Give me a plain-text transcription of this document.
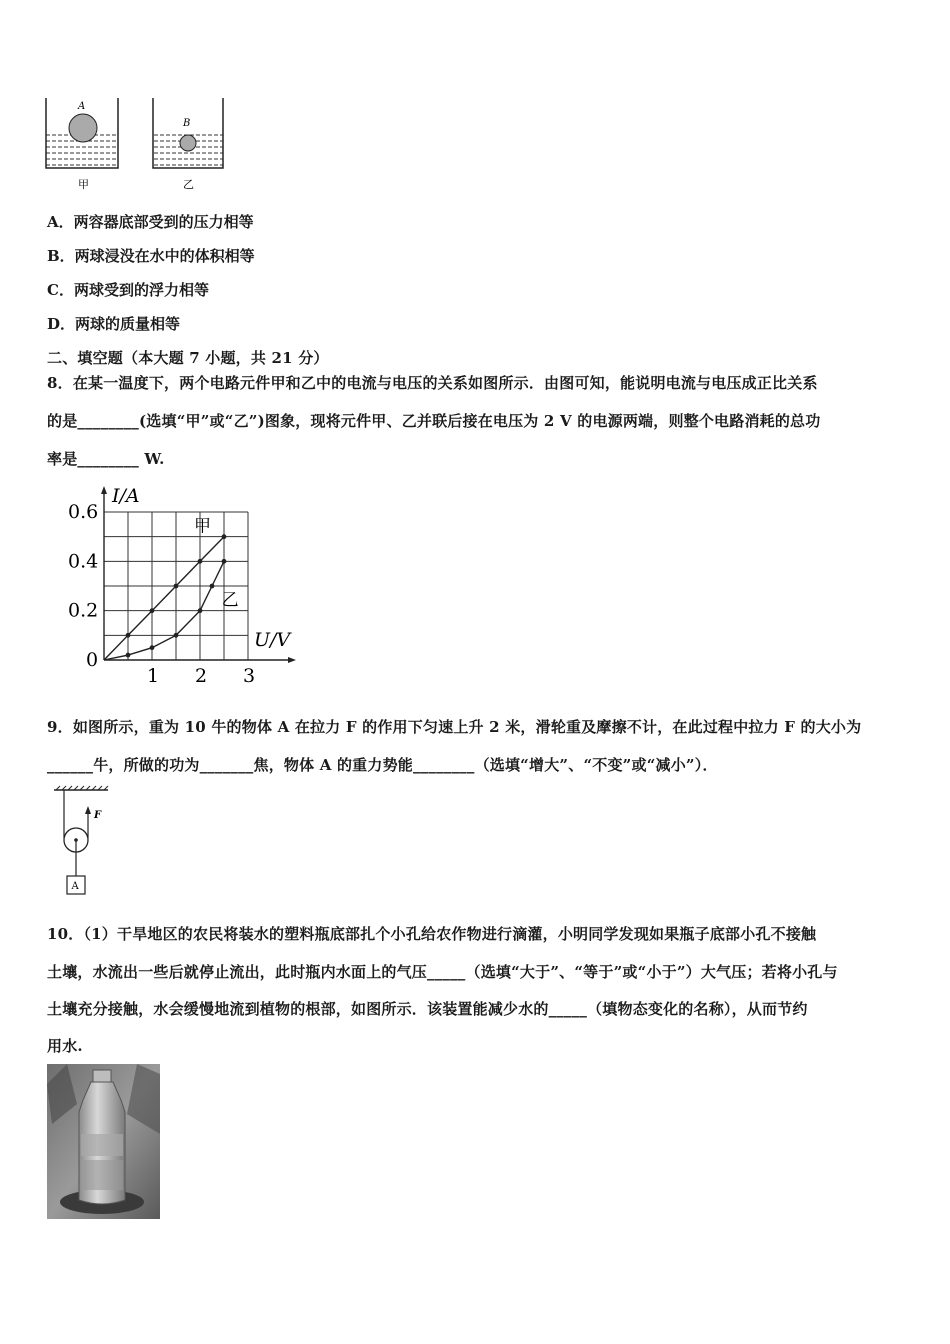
A
甲
B
乙
A．两容器底部受到的压力相等
B．两球浸没在水中的体积相等
C．两球受到的浮力相等
D．两球的质量相等
二、填空题（本大题 7 小题，共 21 分）
8．在某一温度下，两个电路元件甲和乙中的电流与电压的关系如图所示．由图可知，能说明电流与电压成正比关系
的是________(选填“甲”或“乙”)图象，现将元件甲、乙并联后接在电压为 2 V 的电源两端，则整个电路消耗的总功
率是________ W.
0.6
0.4
0.2
1 2 3
0
甲
乙
I/A
U/V
9．如图所示，重为 10 牛的物体 A 在拉力 F 的作用下匀速上升 2 米，滑轮重及摩擦不计，在此过程中拉力 F 的大小为
______牛，所做的功为_______焦，物体 A 的重力势能________（选填“增大”、“不变”或“减小”）．
F
A
10．（1）干旱地区的农民将装水的塑料瓶底部扎个小孔给农作物进行滴灌，小明同学发现如果瓶子底部小孔不接触
土壤，水流出一些后就停止流出，此时瓶内水面上的气压_____（选填“大于”、“等于”或“小于”）大气压；若将小孔与
土壤充分接触，水会缓慢地流到植物的根部，如图所示．该装置能减少水的_____（填物态变化的名称），从而节约
用水.
